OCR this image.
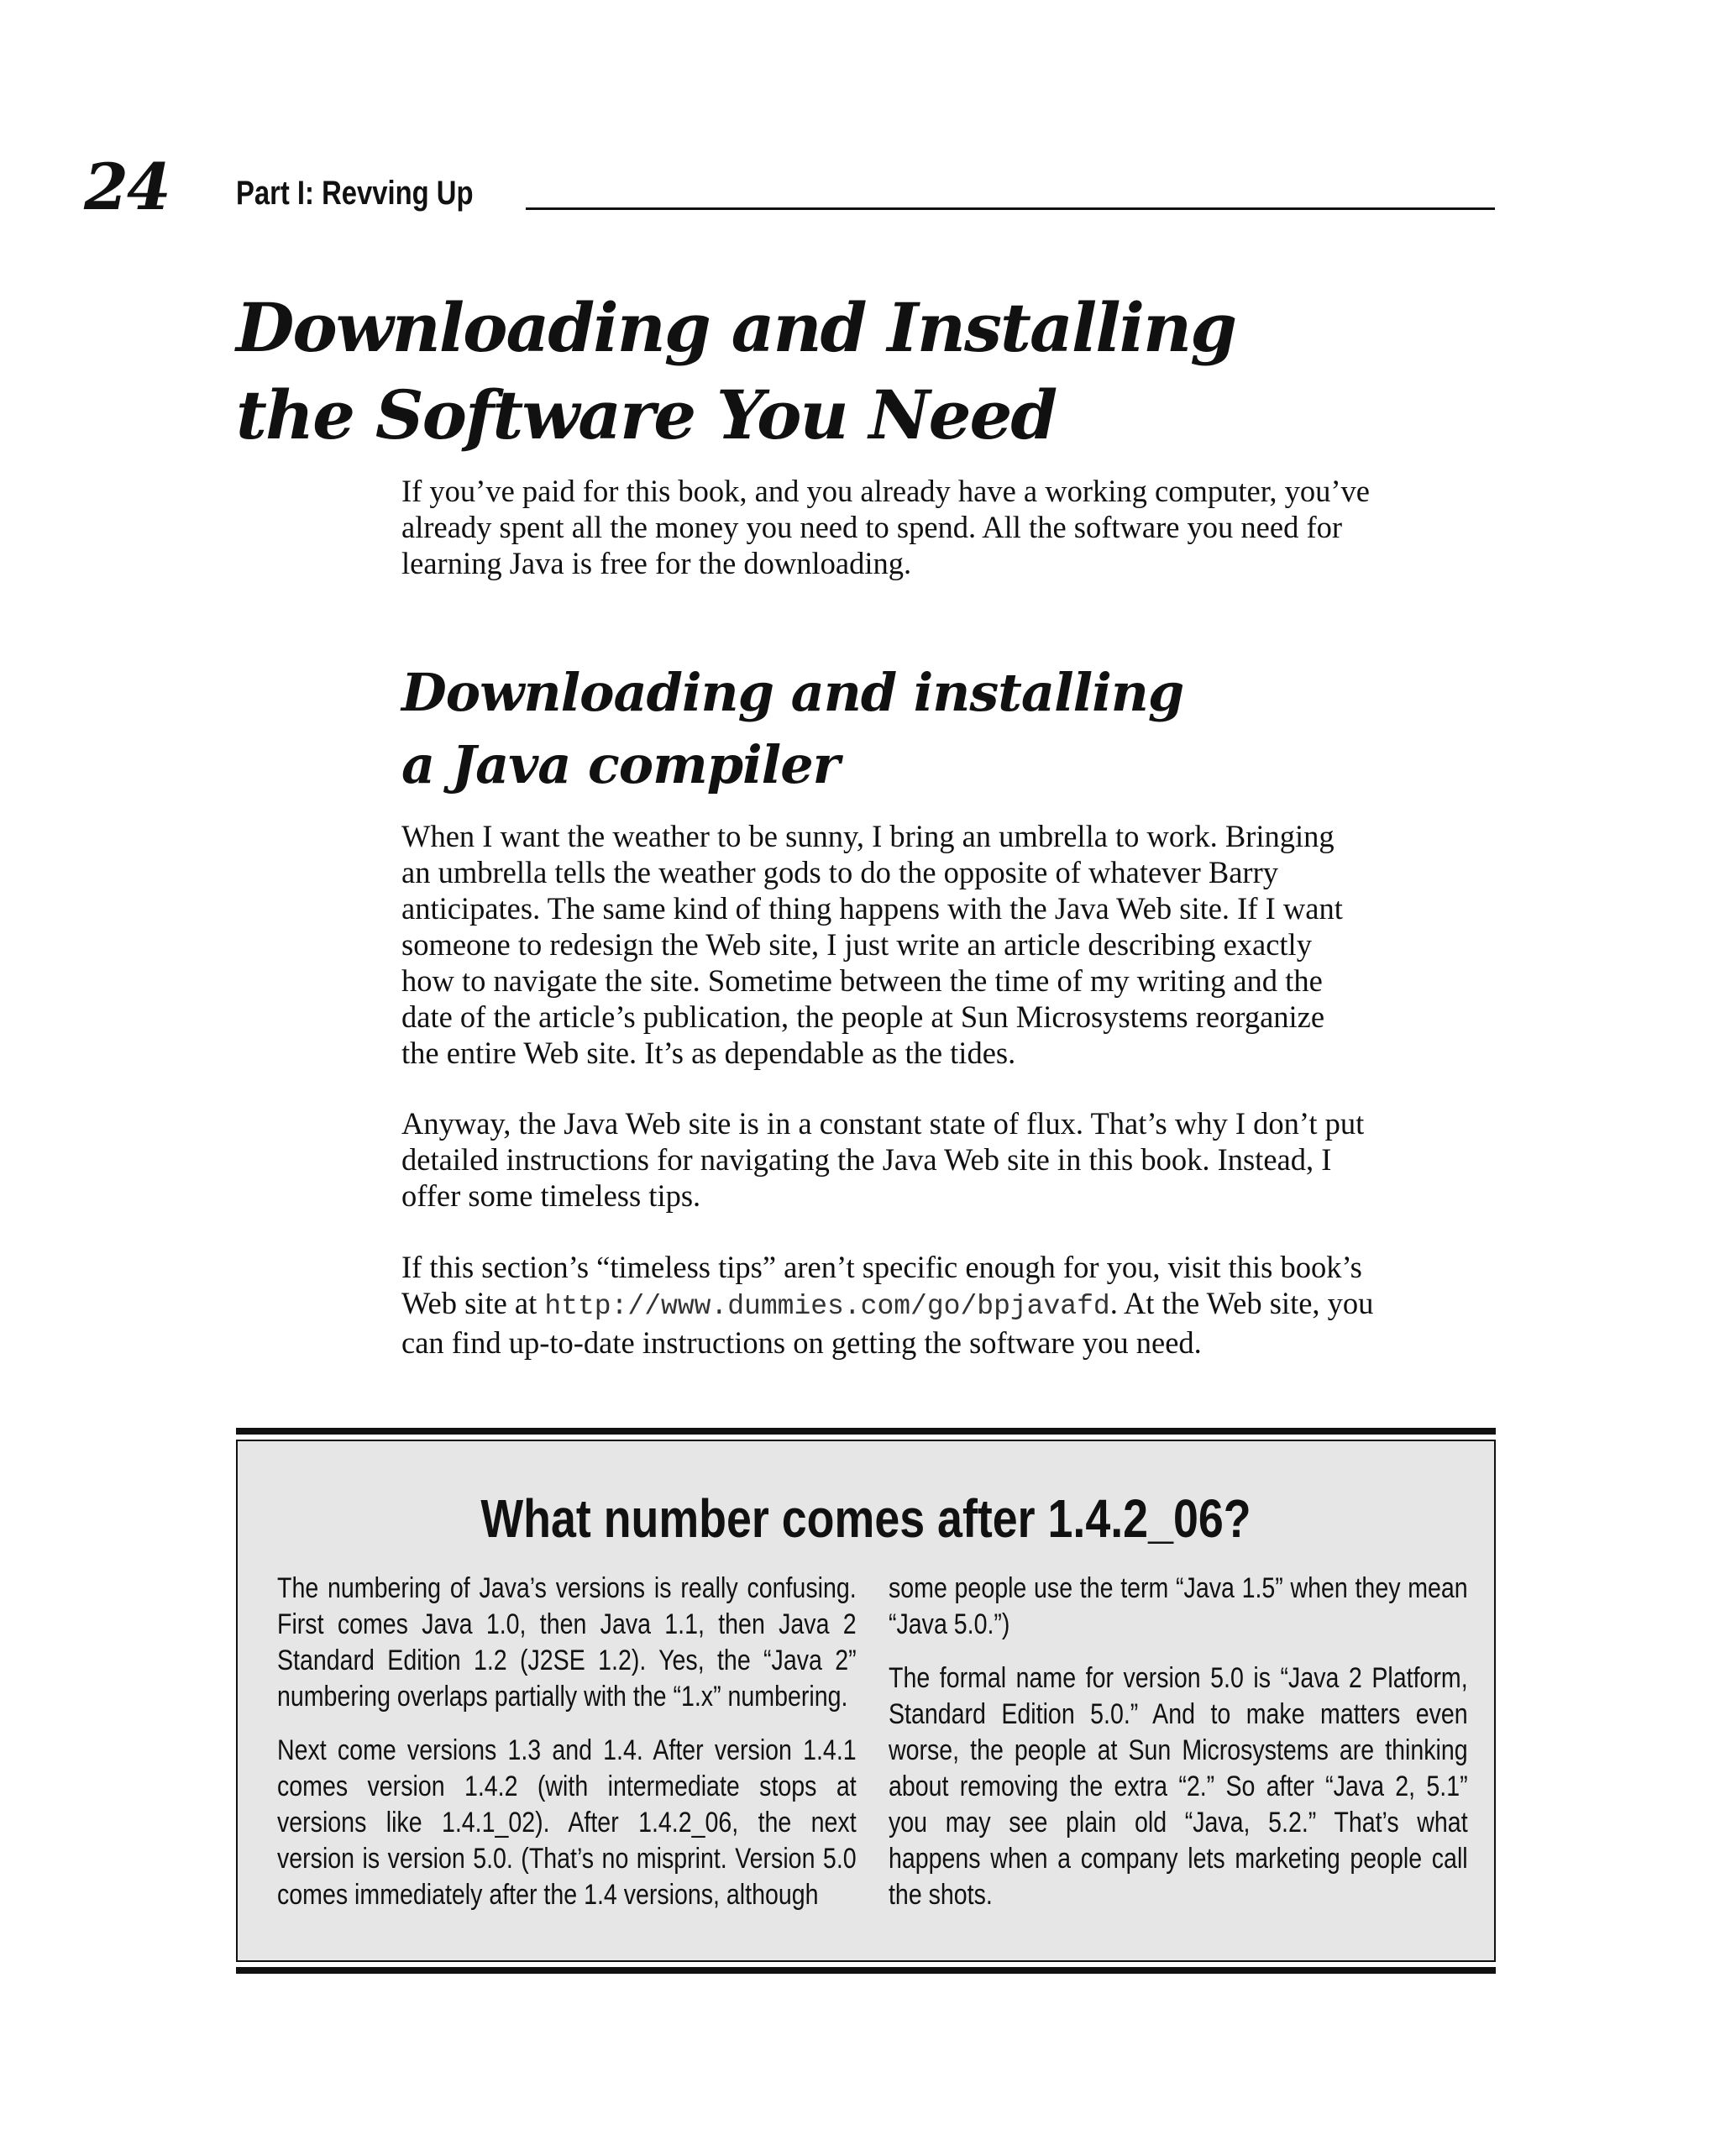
24 Part I: Revving Up
Downloading and Installing
the Software You Need

If you’ve paid for this book, and you already have a working computer, you’ve
already spent all the money you need to spend. All the software you need for
learning Java is free for the downloading.

Downloading and installing
a Java compiler

When I want the weather to be sunny, I bring an umbrella to work. Bringing
an umbrella tells the weather gods to do the opposite of whatever Barry
anticipates. The same kind of thing happens with the Java Web site. If I want
someone to redesign the Web site, I just write an article describing exactly
how to navigate the site. Sometime between the time of my writing and the
date of the article’s publication, the people at Sun Microsystems reorganize
the entire Web site. It’s as dependable as the tides.

Anyway, the Java Web site is in a constant state of flux. That’s why I don’t put
detailed instructions for navigating the Java Web site in this book. Instead, I
offer some timeless tips.

If this section’s “timeless tips” aren’t specific enough for you, visit this book’s
Web site at http://www.dummies.com/go/bpjavafd. At the Web site, you
can find up-to-date instructions on getting the software you need.

What number comes after 1.4.2_06?

The numbering of Java’s versions is really confusing. First comes Java 1.0, then Java 1.1, then Java 2 Standard Edition 1.2 (J2SE 1.2). Yes, the “Java 2” numbering overlaps partially with the “1.x” numbering.

Next come versions 1.3 and 1.4. After version 1.4.1 comes version 1.4.2 (with intermediate stops at versions like 1.4.1_02). After 1.4.2_06, the next version is version 5.0. (That’s no misprint. Version 5.0 comes immediately after the 1.4 versions, although

some people use the term “Java 1.5” when they mean “Java 5.0.”)

The formal name for version 5.0 is “Java 2 Platform, Standard Edition 5.0.” And to make matters even worse, the people at Sun Microsystems are thinking about removing the extra “2.” So after “Java 2, 5.1” you may see plain old “Java, 5.2.” That’s what happens when a company lets marketing people call the shots.
